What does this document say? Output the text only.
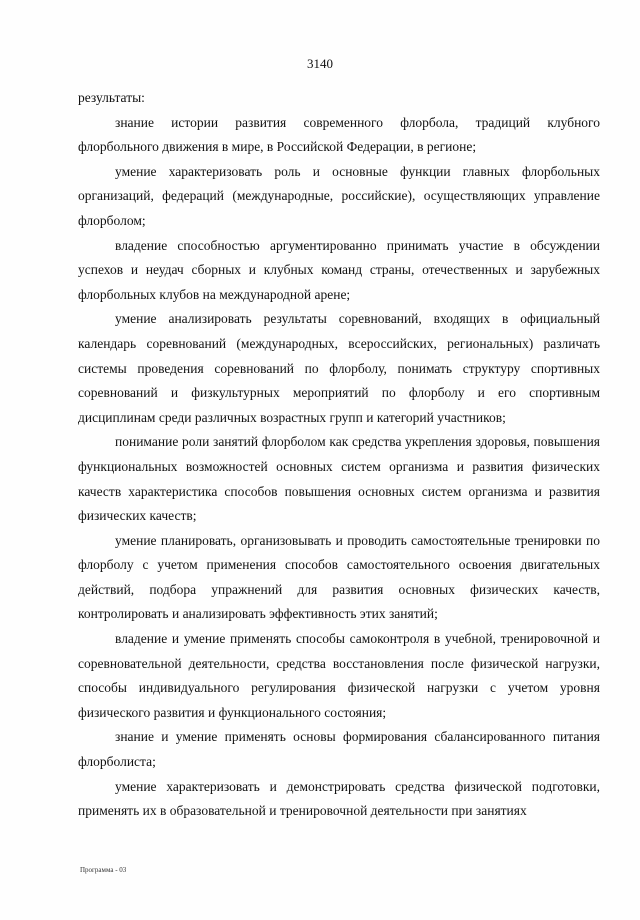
3140

результаты:

знание истории развития современного флорбола, традиций клубного флорбольного движения в мире, в Российской Федерации, в регионе;

умение характеризовать роль и основные функции главных флорбольных организаций, федераций (международные, российские), осуществляющих управление флорболом;

владение способностью аргументированно принимать участие в обсуждении успехов и неудач сборных и клубных команд страны, отечественных и зарубежных флорбольных клубов на международной арене;

умение анализировать результаты соревнований, входящих в официальный календарь соревнований (международных, всероссийских, региональных) различать системы проведения соревнований по флорболу, понимать структуру спортивных соревнований и физкультурных мероприятий по флорболу и его спортивным дисциплинам среди различных возрастных групп и категорий участников;

понимание роли занятий флорболом как средства укрепления здоровья, повышения функциональных возможностей основных систем организма и развития физических качеств характеристика способов повышения основных систем организма и развития физических качеств;

умение планировать, организовывать и проводить самостоятельные тренировки по флорболу с учетом применения способов самостоятельного освоения двигательных действий, подбора упражнений для развития основных физических качеств, контролировать и анализировать эффективность этих занятий;

владение и умение применять способы самоконтроля в учебной, тренировочной и соревновательной деятельности, средства восстановления после физической нагрузки, способы индивидуального регулирования физической нагрузки с учетом уровня физического развития и функционального состояния;

знание и умение применять основы формирования сбалансированного питания флорболиста;

умение характеризовать и демонстрировать средства физической подготовки, применять их в образовательной и тренировочной деятельности при занятиях

Программа - 03
